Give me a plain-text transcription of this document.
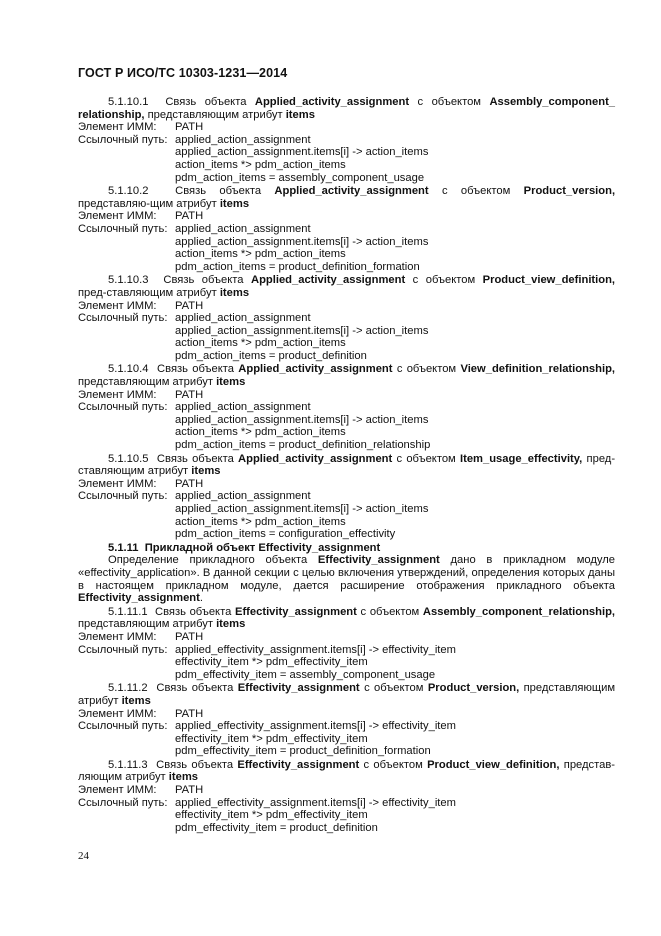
ГОСТ Р ИСО/ТС 10303-1231—2014
5.1.10.1 Связь объекта Applied_activity_assignment с объектом Assembly_component_ relationship, представляющим атрибут items
Элемент ИММ: PATH
Ссылочный путь: applied_action_assignment
applied_action_assignment.items[i] -> action_items
action_items *> pdm_action_items
pdm_action_items = assembly_component_usage
5.1.10.2 Связь объекта Applied_activity_assignment с объектом Product_version, представляю-щим атрибут items
Элемент ИММ: PATH
Ссылочный путь: applied_action_assignment
applied_action_assignment.items[i] -> action_items
action_items *> pdm_action_items
pdm_action_items = product_definition_formation
5.1.10.3 Связь объекта Applied_activity_assignment с объектом Product_view_definition, пред-ставляющим атрибут items
Элемент ИММ: PATH
Ссылочный путь: applied_action_assignment
applied_action_assignment.items[i] -> action_items
action_items *> pdm_action_items
pdm_action_items = product_definition
5.1.10.4 Связь объекта Applied_activity_assignment с объектом View_definition_relationship, представляющим атрибут items
Элемент ИММ: PATH
Ссылочный путь: applied_action_assignment
applied_action_assignment.items[i] -> action_items
action_items *> pdm_action_items
pdm_action_items = product_definition_relationship
5.1.10.5 Связь объекта Applied_activity_assignment с объектом Item_usage_effectivity, пред-ставляющим атрибут items
Элемент ИММ: PATH
Ссылочный путь: applied_action_assignment
applied_action_assignment.items[i] -> action_items
action_items *> pdm_action_items
pdm_action_items = configuration_effectivity
5.1.11 Прикладной объект Effectivity_assignment
Определение прикладного объекта Effectivity_assignment дано в прикладном модуле «effectivity_application». В данной секции с целью включения утверждений, определения которых даны в настоящем прикладном модуле, дается расширение отображения прикладного объекта Effectivity_assignment.
5.1.11.1 Связь объекта Effectivity_assignment с объектом Assembly_component_relationship, представляющим атрибут items
Элемент ИММ: PATH
Ссылочный путь: applied_effectivity_assignment.items[i] -> effectivity_item
effectivity_item *> pdm_effectivity_item
pdm_effectivity_item = assembly_component_usage
5.1.11.2 Связь объекта Effectivity_assignment с объектом Product_version, представляющим атрибут items
Элемент ИММ: PATH
Ссылочный путь: applied_effectivity_assignment.items[i] -> effectivity_item
effectivity_item *> pdm_effectivity_item
pdm_effectivity_item = product_definition_formation
5.1.11.3 Связь объекта Effectivity_assignment с объектом Product_view_definition, представ-ляющим атрибут items
Элемент ИММ: PATH
Ссылочный путь: applied_effectivity_assignment.items[i] -> effectivity_item
effectivity_item *> pdm_effectivity_item
pdm_effectivity_item = product_definition
24
